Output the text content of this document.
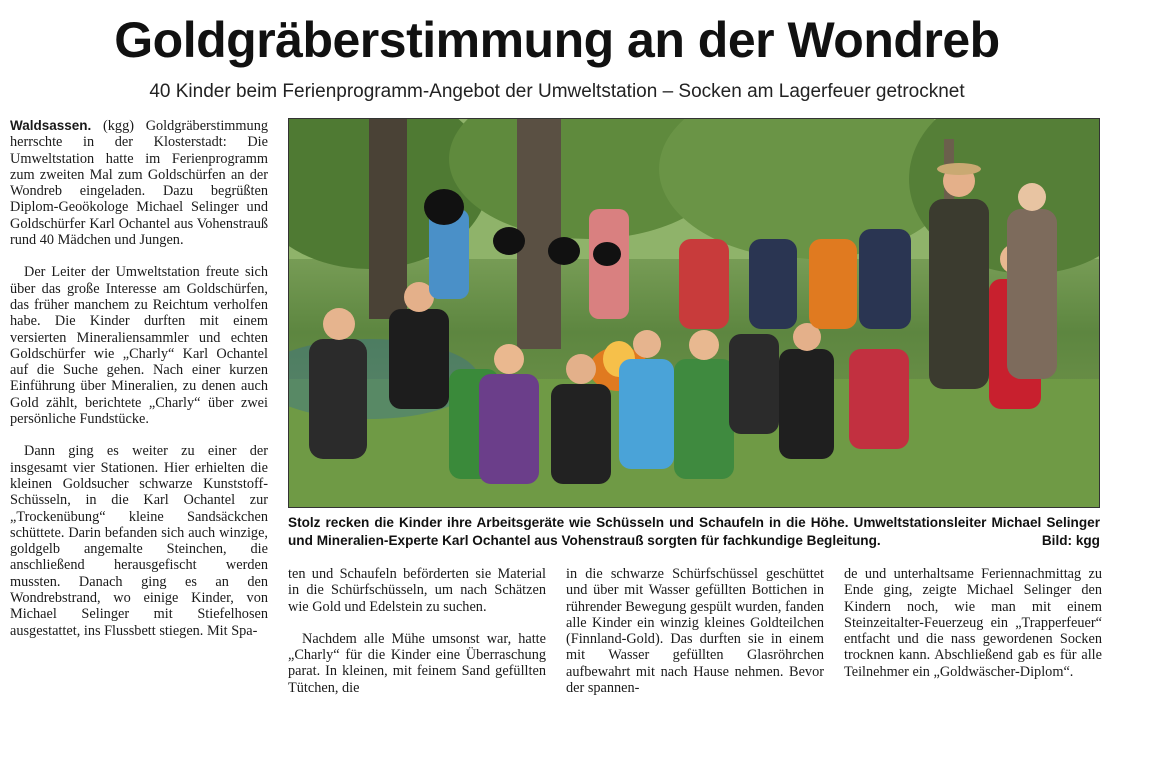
Goldgräberstimmung an der Wondreb
40 Kinder beim Ferienprogramm-Angebot der Umweltstation – Socken am Lagerfeuer getrocknet

Waldsassen. (kgg) Goldgräberstimmung herrschte in der Klosterstadt: Die Umweltstation hatte im Ferienprogramm zum zweiten Mal zum Goldschürfen an der Wondreb eingeladen. Dazu begrüßten Diplom-Geoökologe Michael Selinger und Goldschürfer Karl Ochantel aus Vohenstrauß rund 40 Mädchen und Jungen.

Der Leiter der Umweltstation freute sich über das große Interesse am Goldschürfen, das früher manchem zu Reichtum verholfen habe. Die Kinder durften mit einem versierten Mineraliensammler und echten Goldschürfer wie „Charly“ Karl Ochantel auf die Suche gehen. Nach einer kurzen Einführung über Mineralien, zu denen auch Gold zählt, berichtete „Charly“ über zwei persönliche Fundstücke.

Dann ging es weiter zu einer der insgesamt vier Stationen. Hier erhielten die kleinen Goldsucher schwarze Kunststoff-Schüsseln, in die Karl Ochantel zur „Trockenübung“ kleine Sandsäckchen schüttete. Darin befanden sich auch winzige, goldgelb angemalte Steinchen, die anschließend herausgefischt werden mussten. Danach ging es an den Wondrebstrand, wo einige Kinder, von Michael Selinger mit Stiefelhosen ausgestattet, ins Flussbett stiegen. Mit Spa-

Stolz recken die Kinder ihre Arbeitsgeräte wie Schüsseln und Schaufeln in die Höhe. Umweltstationsleiter Michael Selinger und Mineralien-Experte Karl Ochantel aus Vohenstrauß sorgten für fachkundige Begleitung.	Bild: kgg

ten und Schaufeln beförderten sie Material in die Schürfschüsseln, um nach Schätzen wie Gold und Edelstein zu suchen.

Nachdem alle Mühe umsonst war, hatte „Charly“ für die Kinder eine Überraschung parat. In kleinen, mit feinem Sand gefüllten Tütchen, die

in die schwarze Schürfschüssel geschüttet und über mit Wasser gefüllten Bottichen in rührender Bewegung gespült wurden, fanden alle Kinder ein winzig kleines Goldteilchen (Finnland-Gold). Das durften sie in einem mit Wasser gefüllten Glasröhrchen aufbewahrt mit nach Hause nehmen. Bevor der spannen-

de und unterhaltsame Feriennachmittag zu Ende ging, zeigte Michael Selinger den Kindern noch, wie man mit einem Steinzeitalter-Feuerzeug ein „Trapperfeuer“ entfacht und die nass gewordenen Socken trocknen kann. Abschließend gab es für alle Teilnehmer ein „Goldwäscher-Diplom“.
